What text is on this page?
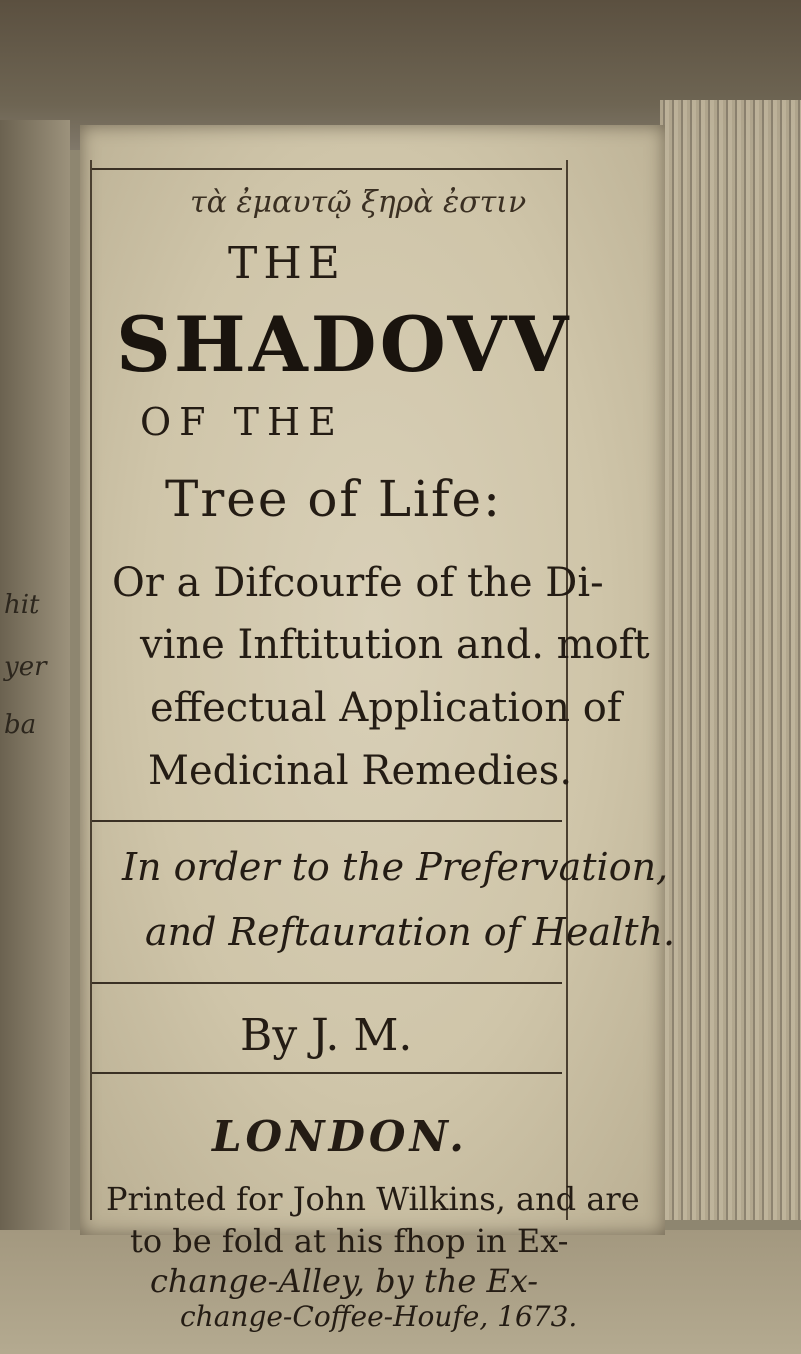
hit
yer
ba
τὰ ἐμαυτῷ ξηρὰ ἐστιν
THE
SHADOVV
OF THE
Tree of Life:
Or a Difcourfe of the Di-
vine Inftitution and. moft
effectual Application of
Medicinal Remedies.
In order to the Prefervation,
and Reftauration of Health.
By J. M.
LONDON.
Printed for John Wilkins, and are
to be fold at his fhop in Ex-
change-Alley, by the Ex-
change-Coffee-Houfe, 1673.
